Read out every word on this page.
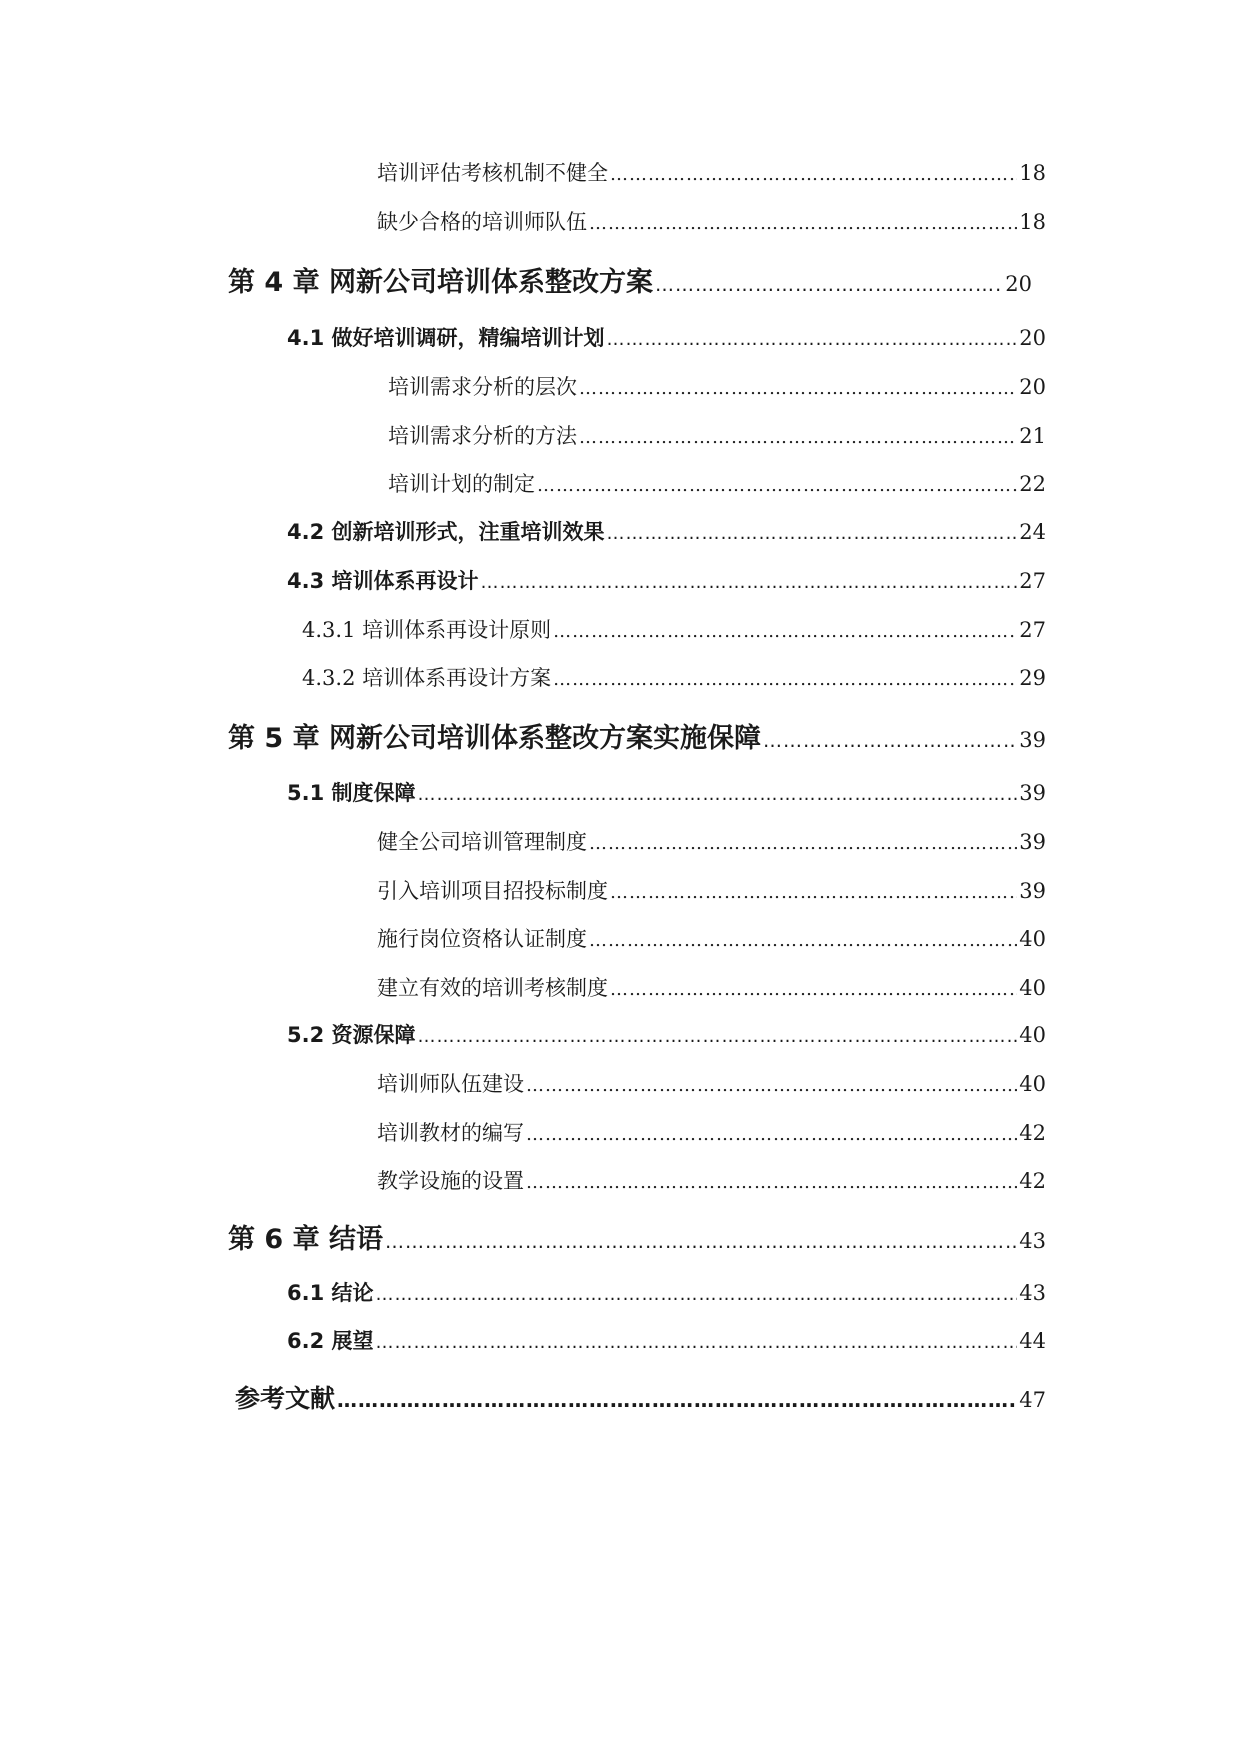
培训评估考核机制不健全 …………………………………………………………………………………………………………………………………………………………………………………………………………………………………………………	18
缺少合格的培训师队伍 …………………………………………………………………………………………………………………………………………………………………………………………………………………………………………………	18
第 4 章 网新公司培训体系整改方案 …………………………………………………………………………………………………………………………………………………………………………………………………………………………………………………	20
4.1 做好培训调研，精编培训计划 …………………………………………………………………………………………………………………………………………………………………………………………………………………………………………………	20
培训需求分析的层次 …………………………………………………………………………………………………………………………………………………………………………………………………………………………………………………	20
培训需求分析的方法 …………………………………………………………………………………………………………………………………………………………………………………………………………………………………………………	21
培训计划的制定 …………………………………………………………………………………………………………………………………………………………………………………………………………………………………………………	22
4.2 创新培训形式，注重培训效果 …………………………………………………………………………………………………………………………………………………………………………………………………………………………………………………	24
4.3 培训体系再设计 …………………………………………………………………………………………………………………………………………………………………………………………………………………………………………………	27
4.3.1 培训体系再设计原则 …………………………………………………………………………………………………………………………………………………………………………………………………………………………………………………	27
4.3.2 培训体系再设计方案 …………………………………………………………………………………………………………………………………………………………………………………………………………………………………………………	29
第 5 章 网新公司培训体系整改方案实施保障 …………………………………………………………………………………………………………………………………………………………………………………………………………………………………………………	39
5.1 制度保障 …………………………………………………………………………………………………………………………………………………………………………………………………………………………………………………	39
健全公司培训管理制度 …………………………………………………………………………………………………………………………………………………………………………………………………………………………………………………	39
引入培训项目招投标制度 …………………………………………………………………………………………………………………………………………………………………………………………………………………………………………………	39
施行岗位资格认证制度 …………………………………………………………………………………………………………………………………………………………………………………………………………………………………………………	40
建立有效的培训考核制度 …………………………………………………………………………………………………………………………………………………………………………………………………………………………………………………	40
5.2 资源保障 …………………………………………………………………………………………………………………………………………………………………………………………………………………………………………………	40
培训师队伍建设 …………………………………………………………………………………………………………………………………………………………………………………………………………………………………………………	40
培训教材的编写 …………………………………………………………………………………………………………………………………………………………………………………………………………………………………………………	42
教学设施的设置 …………………………………………………………………………………………………………………………………………………………………………………………………………………………………………………	42
第 6 章 结语 …………………………………………………………………………………………………………………………………………………………………………………………………………………………………………………	43
6.1 结论 …………………………………………………………………………………………………………………………………………………………………………………………………………………………………………………	43
6.2 展望 …………………………………………………………………………………………………………………………………………………………………………………………………………………………………………………	44
参考文献 …………………………………………………………………………………………………………………………………………………………………………………………………………………………………………………	47
